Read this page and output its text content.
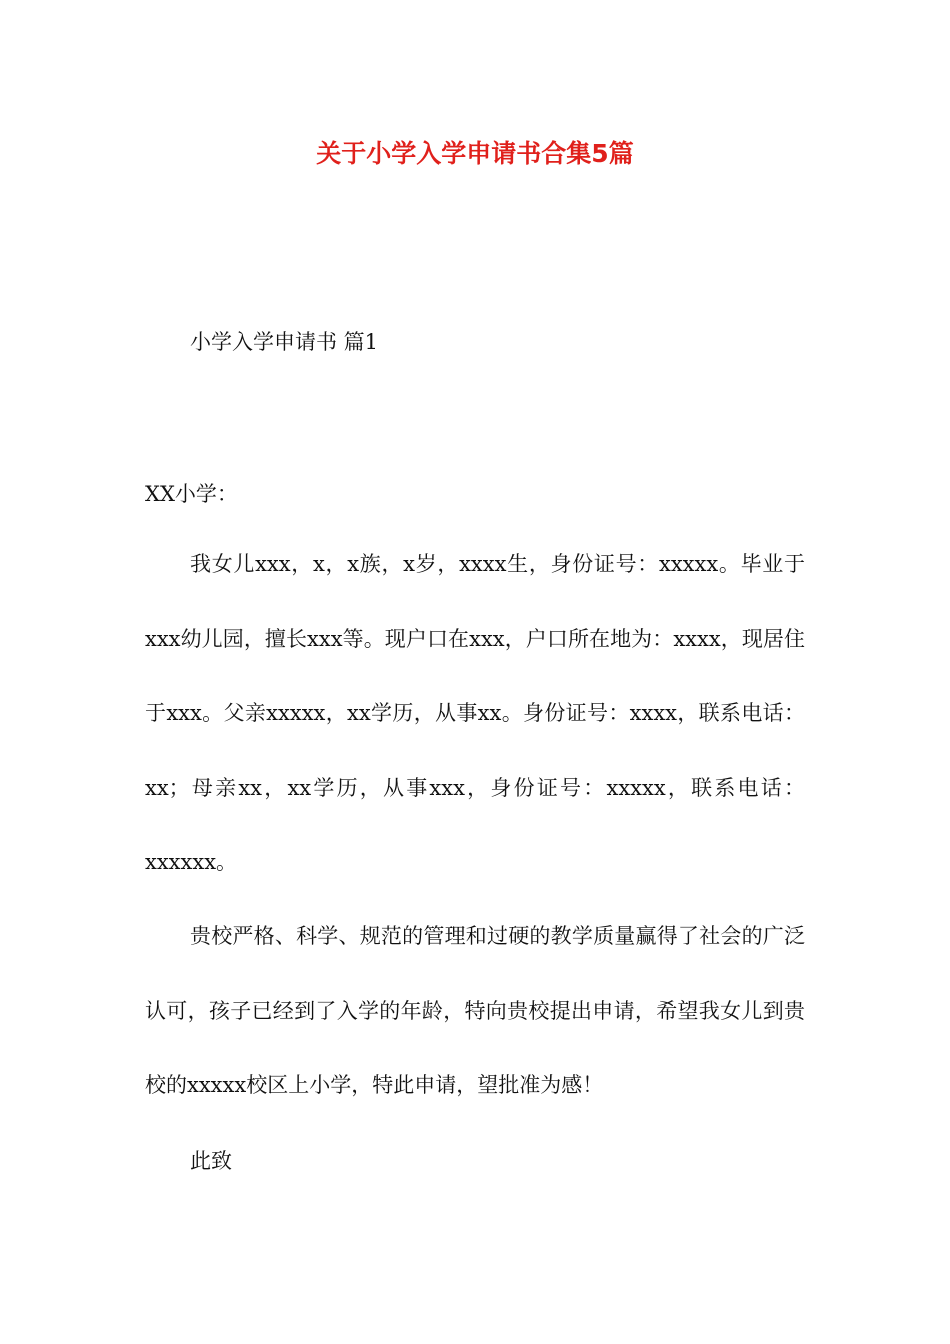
关于小学入学申请书合集5篇

小学入学申请书 篇1

XX小学：

我女儿xxx，x，x族，x岁，xxxx生，身份证号：xxxxx。毕业于xxx幼儿园，擅长xxx等。现户口在xxx，户口所在地为：xxxx，现居住于xxx。父亲xxxxx，xx学历，从事xx。身份证号：xxxx，联系电话：xx；母亲xx，xx学历，从事xxx，身份证号：xxxxx，联系电话：xxxxxx。

贵校严格、科学、规范的管理和过硬的教学质量赢得了社会的广泛认可，孩子已经到了入学的年龄，特向贵校提出申请，希望我女儿到贵校的xxxxx校区上小学，特此申请，望批准为感！

此致
